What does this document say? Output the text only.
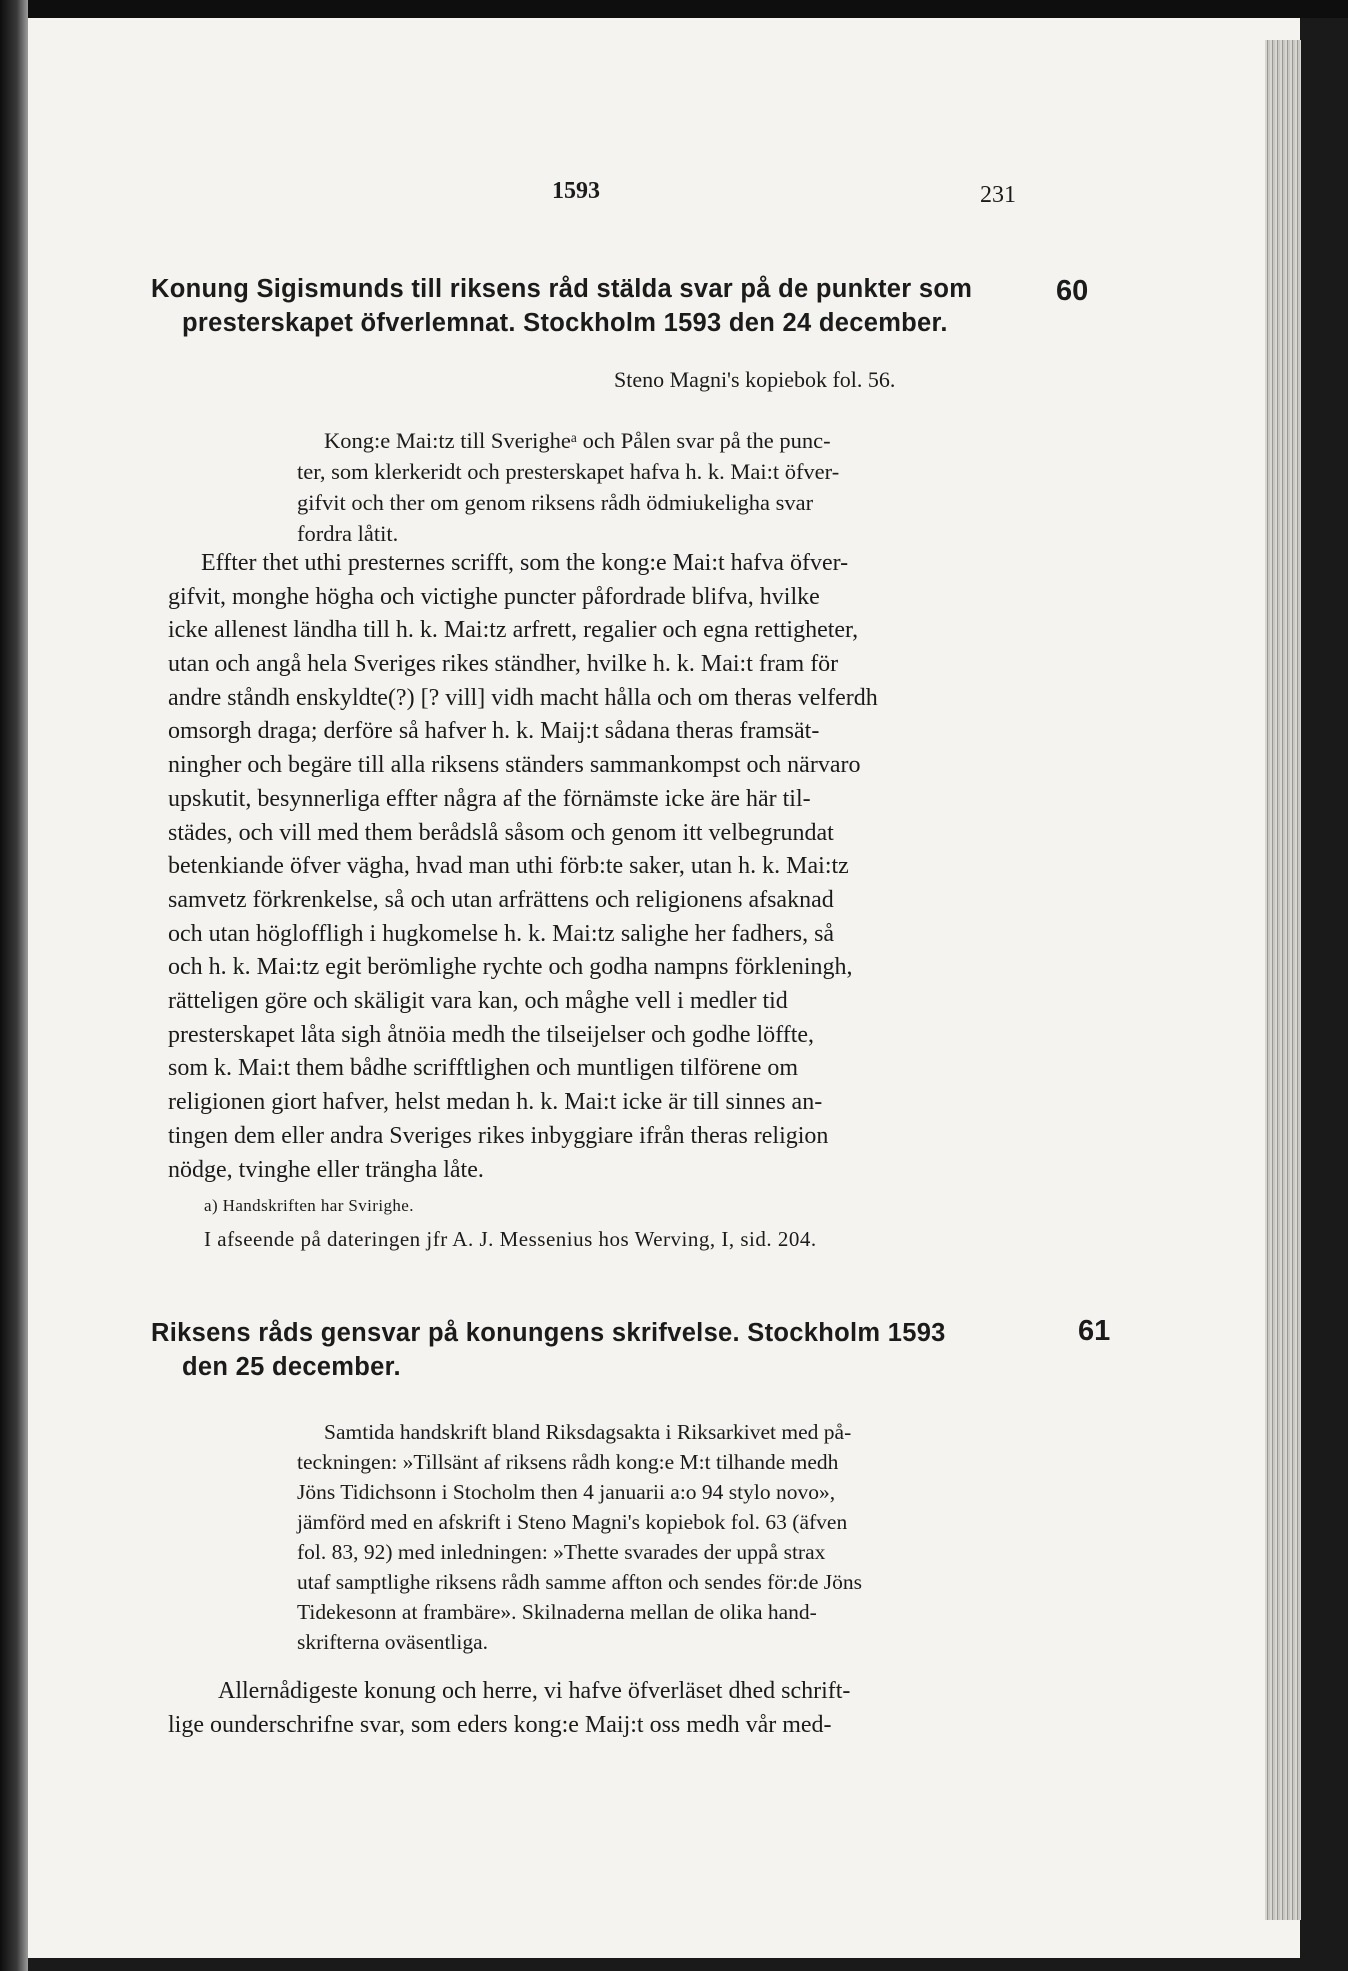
1593	231
Konung Sigismunds till riksens råd stälda svar på de punkter som
presterskapet öfverlemnat. Stockholm 1593 den 24 december.
60
Steno Magni's kopiebok fol. 56.
Kong:e Mai:tz till Sverigheᵃ och Pålen svar på the punc-
ter, som klerkeridt och presterskapet hafva h. k. Mai:t öfver-
gifvit och ther om genom riksens rådh ödmiukeligha svar
fordra låtit.
Effter thet uthi presternes scrifft, som the kong:e Mai:t hafva öfver-
gifvit, monghe högha och victighe puncter påfordrade blifva, hvilke
icke allenest ländha till h. k. Mai:tz arfrett, regalier och egna rettigheter,
utan och angå hela Sveriges rikes ständher, hvilke h. k. Mai:t fram för
andre ståndh enskyldte(?) [? vill] vidh macht hålla och om theras velferdh
omsorgh draga; derföre så hafver h. k. Maij:t sådana theras framsät-
ningher och begäre till alla riksens ständers sammankompst och närvaro
upskutit, besynnerliga effter några af the förnämste icke äre här til-
städes, och vill med them berådslå såsom och genom itt velbegrundat
betenkiande öfver vägha, hvad man uthi förb:te saker, utan h. k. Mai:tz
samvetz förkrenkelse, så och utan arfrättens och religionens afsaknad
och utan högloffligh i hugkomelse h. k. Mai:tz salighe her fadhers, så
och h. k. Mai:tz egit berömlighe rychte och godha nampns förkleningh,
rätteligen göre och skäligit vara kan, och måghe vell i medler tid
presterskapet låta sigh åtnöia medh the tilseijelser och godhe löffte,
som k. Mai:t them bådhe scrifftlighen och muntligen tilförene om
religionen giort hafver, helst medan h. k. Mai:t icke är till sinnes an-
tingen dem eller andra Sveriges rikes inbyggiare ifrån theras religion
nödge, tvinghe eller trängha låte.
a) Handskriften har Svirighe.
I afseende på dateringen jfr A. J. Messenius hos Werving, I, sid. 204.
Riksens råds gensvar på konungens skrifvelse. Stockholm 1593
den 25 december.
61
Samtida handskrift bland Riksdagsakta i Riksarkivet med på-
teckningen: »Tillsänt af riksens rådh kong:e M:t tilhande medh
Jöns Tidichsonn i Stocholm then 4 januarii a:o 94 stylo novo»,
jämförd med en afskrift i Steno Magni's kopiebok fol. 63 (äfven
fol. 83, 92) med inledningen: »Thette svarades der uppå strax
utaf samptlighe riksens rådh samme affton och sendes för:de Jöns
Tidekesonn at frambäre». Skilnaderna mellan de olika hand-
skrifterna oväsentliga.
Allernådigeste konung och herre, vi hafve öfverläset dhed schrift-
lige ounderschrifne svar, som eders kong:e Maij:t oss medh vår med-
